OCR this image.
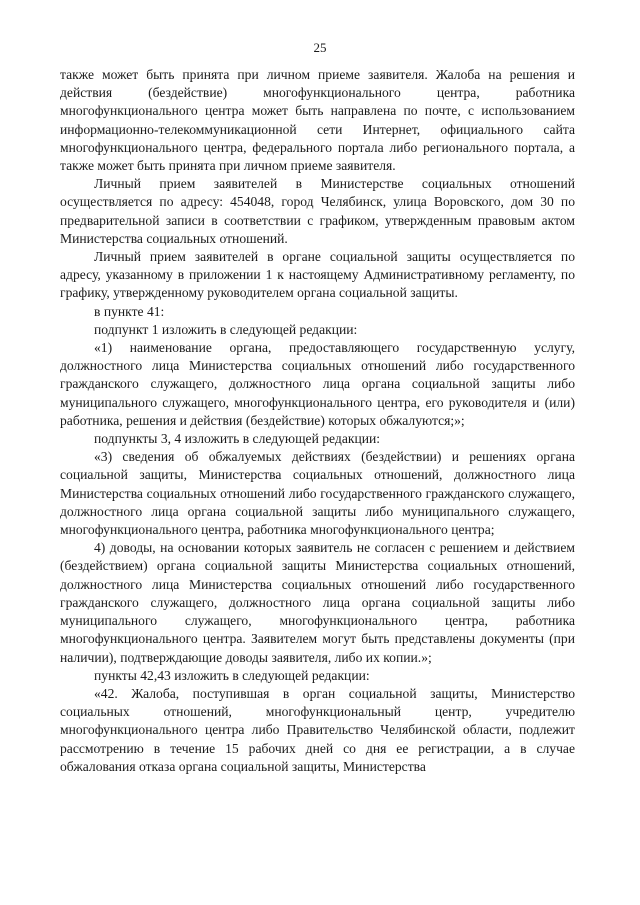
25

также может быть принята при личном приеме заявителя. Жалоба на решения и действия (бездействие) многофункционального центра, работника многофункционального центра может быть направлена по почте, с использованием информационно-телекоммуникационной сети Интернет, официального сайта многофункционального центра, федерального портала либо регионального портала, а также может быть принята при личном приеме заявителя.

Личный прием заявителей в Министерстве социальных отношений осуществляется по адресу: 454048, город Челябинск, улица Воровского, дом 30 по предварительной записи в соответствии с графиком, утвержденным правовым актом Министерства социальных отношений.

Личный прием заявителей в органе социальной защиты осуществляется по адресу, указанному в приложении 1 к настоящему Административному регламенту, по графику, утвержденному руководителем органа социальной защиты.

в пункте 41:

подпункт 1 изложить в следующей редакции:

«1) наименование органа, предоставляющего государственную услугу, должностного лица Министерства социальных отношений либо государственного гражданского служащего, должностного лица органа социальной защиты либо муниципального служащего, многофункционального центра, его руководителя и (или) работника, решения и действия (бездействие) которых обжалуются;»;

подпункты 3, 4 изложить в следующей редакции:

«3) сведения об обжалуемых действиях (бездействии) и решениях органа социальной защиты, Министерства социальных отношений, должностного лица Министерства социальных отношений либо государственного гражданского служащего, должностного лица органа социальной защиты либо муниципального служащего, многофункционального центра, работника многофункционального центра;

4) доводы, на основании которых заявитель не согласен с решением и действием (бездействием) органа социальной защиты Министерства социальных отношений, должностного лица Министерства социальных отношений либо государственного гражданского служащего, должностного лица органа социальной защиты либо муниципального служащего, многофункционального центра, работника многофункционального центра. Заявителем могут быть представлены документы (при наличии), подтверждающие доводы заявителя, либо их копии.»;

пункты 42,43 изложить в следующей редакции:

«42. Жалоба, поступившая в орган социальной защиты, Министерство социальных отношений, многофункциональный центр, учредителю многофункционального центра либо Правительство Челябинской области, подлежит рассмотрению в течение 15 рабочих дней со дня ее регистрации, а в случае обжалования отказа органа социальной защиты, Министерства
